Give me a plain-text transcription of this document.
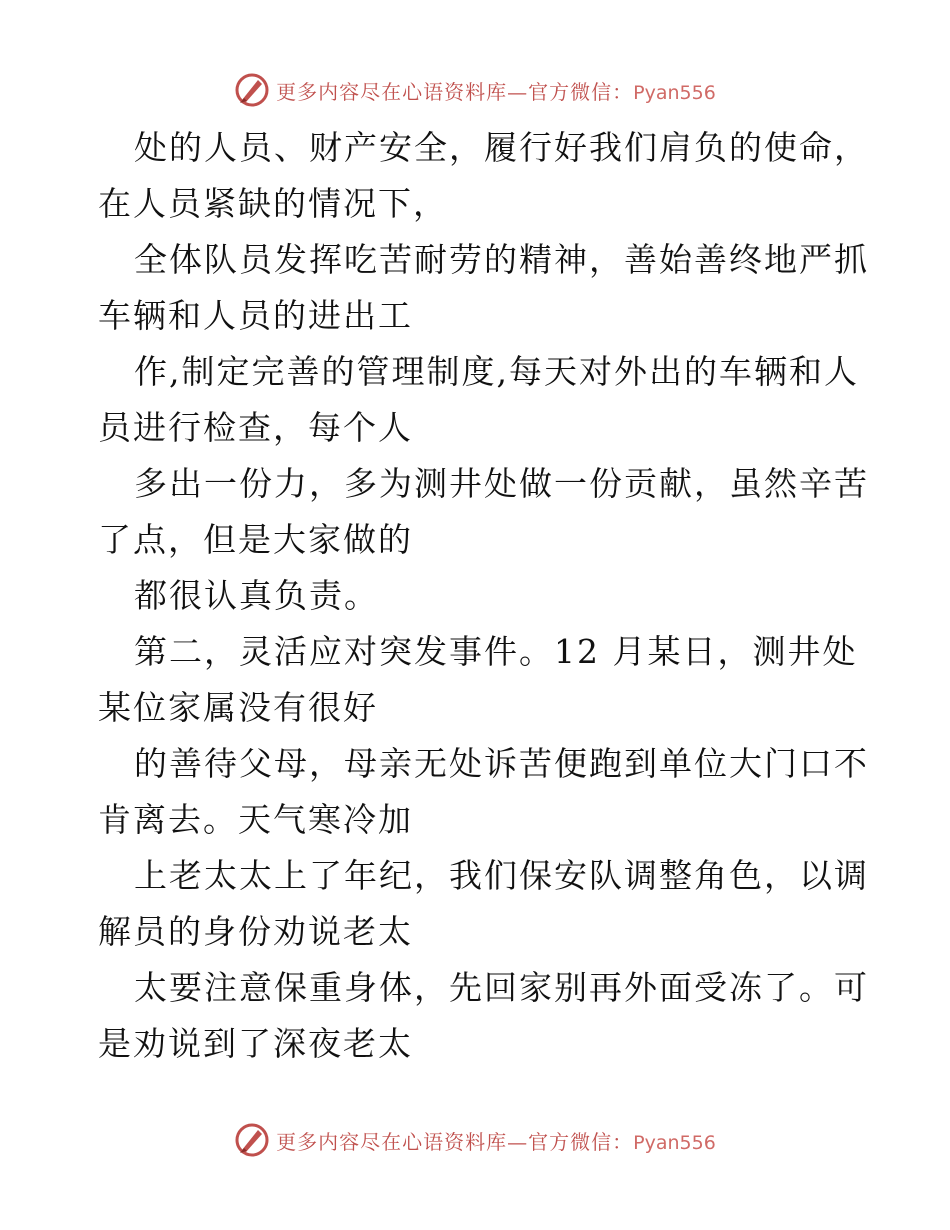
更多内容尽在心语资料库—官方微信：Pyan556
处的人员、财产安全，履行好我们肩负的使命，
在人员紧缺的情况下，
全体队员发挥吃苦耐劳的精神，善始善终地严抓
车辆和人员的进出工
作,制定完善的管理制度,每天对外出的车辆和人
员进行检查，每个人
多出一份力，多为测井处做一份贡献，虽然辛苦
了点，但是大家做的
都很认真负责。
第二，灵活应对突发事件。12 月某日，测井处
某位家属没有很好
的善待父母，母亲无处诉苦便跑到单位大门口不
肯离去。天气寒冷加
上老太太上了年纪，我们保安队调整角色，以调
解员的身份劝说老太
太要注意保重身体，先回家别再外面受冻了。可
是劝说到了深夜老太
更多内容尽在心语资料库—官方微信：Pyan556
